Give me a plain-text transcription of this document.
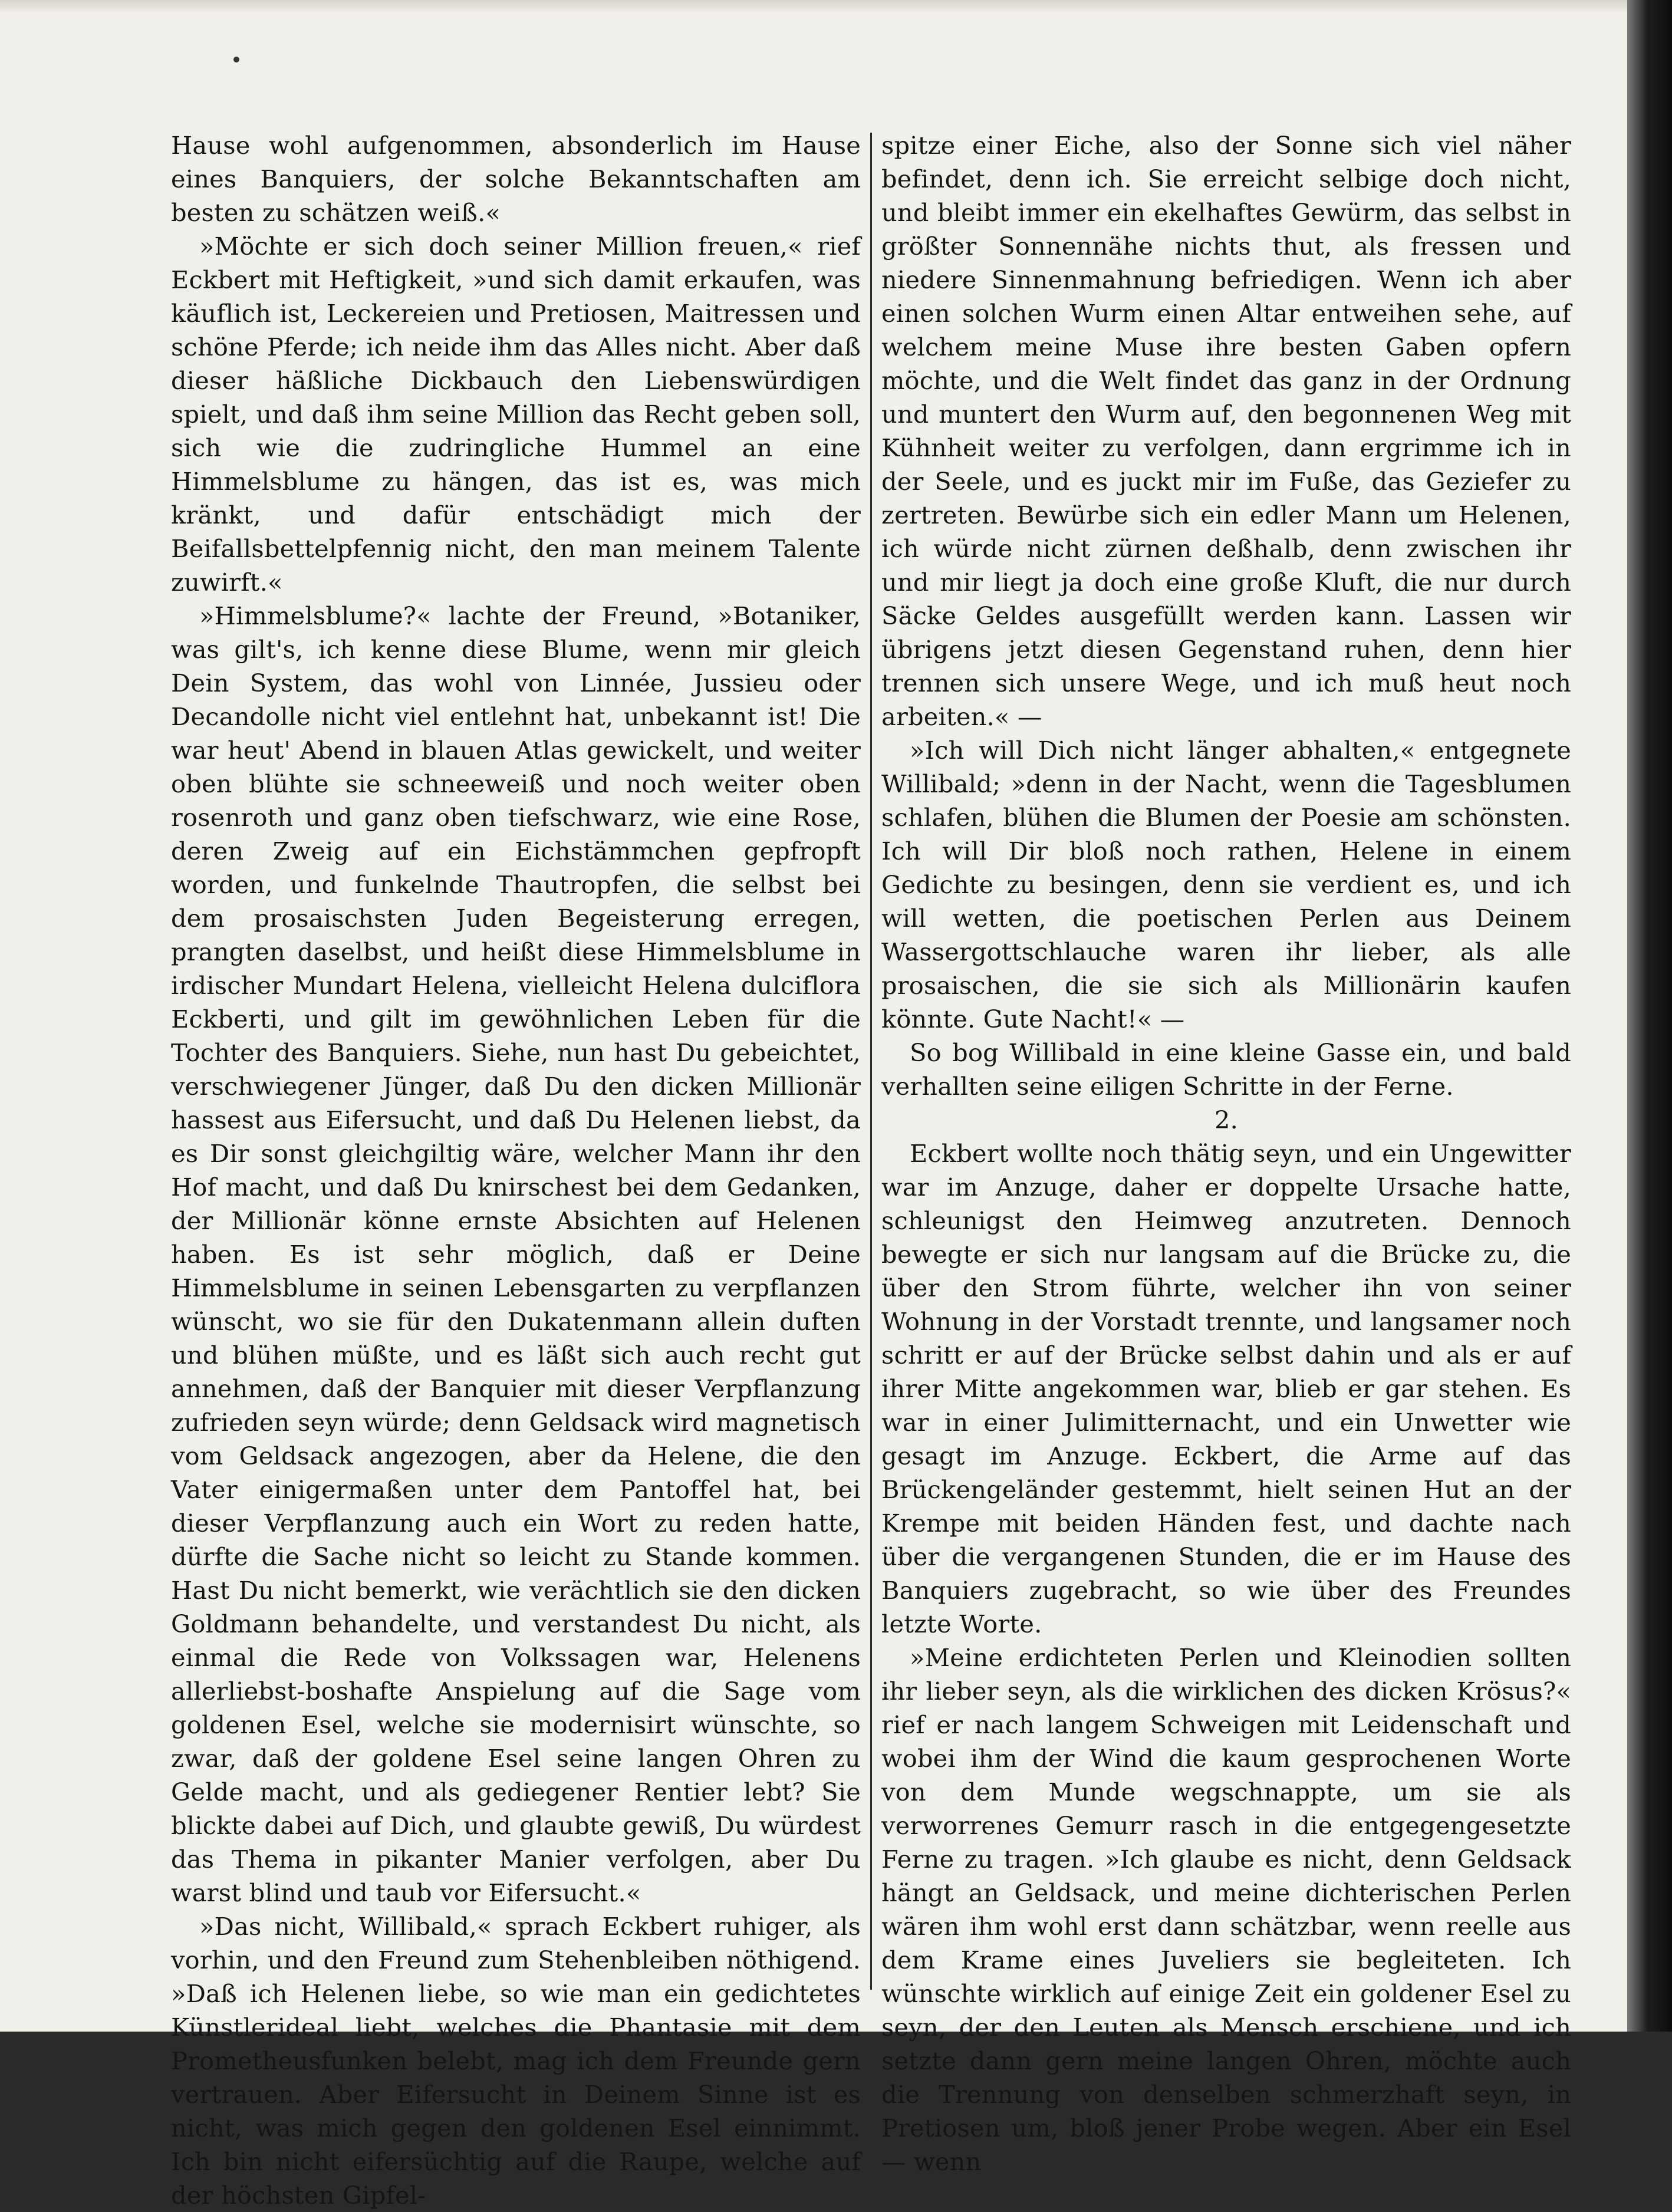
Hause wohl aufgenommen, absonderlich im Hause eines Banquiers, der solche Bekanntschaften am besten zu schätzen weiß.«

»Möchte er sich doch seiner Million freuen,« rief Eckbert mit Heftigkeit, »und sich damit erkaufen, was käuflich ist, Leckereien und Pretiosen, Maitressen und schöne Pferde; ich neide ihm das Alles nicht. Aber daß dieser häßliche Dickbauch den Liebenswürdigen spielt, und daß ihm seine Million das Recht geben soll, sich wie die zudringliche Hummel an eine Himmelsblume zu hängen, das ist es, was mich kränkt, und dafür entschädigt mich der Beifallsbettelpfennig nicht, den man meinem Talente zuwirft.«

»Himmelsblume?« lachte der Freund, »Botaniker, was gilt's, ich kenne diese Blume, wenn mir gleich Dein System, das wohl von Linnée, Jussieu oder Decandolle nicht viel entlehnt hat, unbekannt ist! Die war heut' Abend in blauen Atlas gewickelt, und weiter oben blühte sie schneeweiß und noch weiter oben rosenroth und ganz oben tiefschwarz, wie eine Rose, deren Zweig auf ein Eichstämmchen gepfropft worden, und funkelnde Thautropfen, die selbst bei dem prosaischsten Juden Begeisterung erregen, prangten daselbst, und heißt diese Himmelsblume in irdischer Mundart Helena, vielleicht Helena dulciflora Eckberti, und gilt im gewöhnlichen Leben für die Tochter des Banquiers. Siehe, nun hast Du gebeichtet, verschwiegener Jünger, daß Du den dicken Millionär hassest aus Eifersucht, und daß Du Helenen liebst, da es Dir sonst gleichgiltig wäre, welcher Mann ihr den Hof macht, und daß Du knirschest bei dem Gedanken, der Millionär könne ernste Absichten auf Helenen haben. Es ist sehr möglich, daß er Deine Himmelsblume in seinen Lebensgarten zu verpflanzen wünscht, wo sie für den Dukatenmann allein duften und blühen müßte, und es läßt sich auch recht gut annehmen, daß der Banquier mit dieser Verpflanzung zufrieden seyn würde; denn Geldsack wird magnetisch vom Geldsack angezogen, aber da Helene, die den Vater einigermaßen unter dem Pantoffel hat, bei dieser Verpflanzung auch ein Wort zu reden hatte, dürfte die Sache nicht so leicht zu Stande kommen. Hast Du nicht bemerkt, wie verächtlich sie den dicken Goldmann behandelte, und verstandest Du nicht, als einmal die Rede von Volkssagen war, Helenens allerliebst-boshafte Anspielung auf die Sage vom goldenen Esel, welche sie modernisirt wünschte, so zwar, daß der goldene Esel seine langen Ohren zu Gelde macht, und als gediegener Rentier lebt? Sie blickte dabei auf Dich, und glaubte gewiß, Du würdest das Thema in pikanter Manier verfolgen, aber Du warst blind und taub vor Eifersucht.«

»Das nicht, Willibald,« sprach Eckbert ruhiger, als vorhin, und den Freund zum Stehenbleiben nöthigend. »Daß ich Helenen liebe, so wie man ein gedichtetes Künstlerideal liebt, welches die Phantasie mit dem Prometheusfunken belebt, mag ich dem Freunde gern vertrauen. Aber Eifersucht in Deinem Sinne ist es nicht, was mich gegen den goldenen Esel einnimmt. Ich bin nicht eifersüchtig auf die Raupe, welche auf der höchsten Gipfel-

spitze einer Eiche, also der Sonne sich viel näher befindet, denn ich. Sie erreicht selbige doch nicht, und bleibt immer ein ekelhaftes Gewürm, das selbst in größter Sonnennähe nichts thut, als fressen und niedere Sinnenmahnung befriedigen. Wenn ich aber einen solchen Wurm einen Altar entweihen sehe, auf welchem meine Muse ihre besten Gaben opfern möchte, und die Welt findet das ganz in der Ordnung und muntert den Wurm auf, den begonnenen Weg mit Kühnheit weiter zu verfolgen, dann ergrimme ich in der Seele, und es juckt mir im Fuße, das Geziefer zu zertreten. Bewürbe sich ein edler Mann um Helenen, ich würde nicht zürnen deßhalb, denn zwischen ihr und mir liegt ja doch eine große Kluft, die nur durch Säcke Geldes ausgefüllt werden kann. Lassen wir übrigens jetzt diesen Gegenstand ruhen, denn hier trennen sich unsere Wege, und ich muß heut noch arbeiten.« —

»Ich will Dich nicht länger abhalten,« entgegnete Willibald; »denn in der Nacht, wenn die Tagesblumen schlafen, blühen die Blumen der Poesie am schönsten. Ich will Dir bloß noch rathen, Helene in einem Gedichte zu besingen, denn sie verdient es, und ich will wetten, die poetischen Perlen aus Deinem Wassergottschlauche waren ihr lieber, als alle prosaischen, die sie sich als Millionärin kaufen könnte. Gute Nacht!« —

So bog Willibald in eine kleine Gasse ein, und bald verhallten seine eiligen Schritte in der Ferne.

2.

Eckbert wollte noch thätig seyn, und ein Ungewitter war im Anzuge, daher er doppelte Ursache hatte, schleunigst den Heimweg anzutreten. Dennoch bewegte er sich nur langsam auf die Brücke zu, die über den Strom führte, welcher ihn von seiner Wohnung in der Vorstadt trennte, und langsamer noch schritt er auf der Brücke selbst dahin und als er auf ihrer Mitte angekommen war, blieb er gar stehen. Es war in einer Julimitternacht, und ein Unwetter wie gesagt im Anzuge. Eckbert, die Arme auf das Brückengeländer gestemmt, hielt seinen Hut an der Krempe mit beiden Händen fest, und dachte nach über die vergangenen Stunden, die er im Hause des Banquiers zugebracht, so wie über des Freundes letzte Worte.

»Meine erdichteten Perlen und Kleinodien sollten ihr lieber seyn, als die wirklichen des dicken Krösus?« rief er nach langem Schweigen mit Leidenschaft und wobei ihm der Wind die kaum gesprochenen Worte von dem Munde wegschnappte, um sie als verworrenes Gemurr rasch in die entgegengesetzte Ferne zu tragen. »Ich glaube es nicht, denn Geldsack hängt an Geldsack, und meine dichterischen Perlen wären ihm wohl erst dann schätzbar, wenn reelle aus dem Krame eines Juveliers sie begleiteten. Ich wünschte wirklich auf einige Zeit ein goldener Esel zu seyn, der den Leuten als Mensch erschiene, und ich setzte dann gern meine langen Ohren, möchte auch die Trennung von denselben schmerzhaft seyn, in Pretiosen um, bloß jener Probe wegen. Aber ein Esel — wenn
